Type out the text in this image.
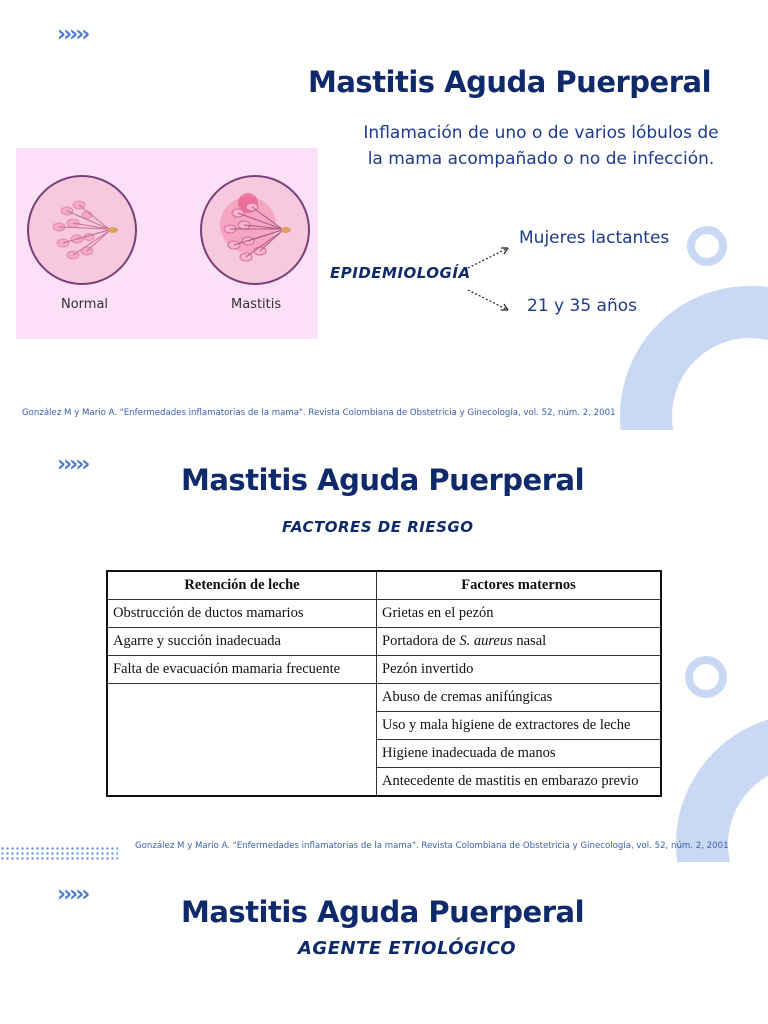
›››››
Mastitis Aguda Puerperal
Inflamación de uno o de varios lóbulos de la mama acompañado o no de infección.
Normal	Mastitis
EPIDEMIOLOGÍA
Mujeres lactantes
21 y 35 años
González M y Mario A. "Enfermedades inflamatorias de la mama". Revista Colombiana de Obstetricia y Ginecología, vol. 52, núm. 2, 2001
›››››	Mastitis Aguda Puerperal
FACTORES DE RIESGO
Retención de leche	Factores maternos
Obstrucción de ductos mamarios	Grietas en el pezón
Agarre y succión inadecuada	Portadora de S. aureus nasal
Falta de evacuación mamaria frecuente	Pezón invertido
	Abuso de cremas anifúngicas
	Uso y mala higiene de extractores de leche
	Higiene inadecuada de manos
	Antecedente de mastitis en embarazo previo
González M y Mario A. "Enfermedades inflamatorias de la mama". Revista Colombiana de Obstetricia y Ginecología, vol. 52, núm. 2, 2001
›››››
Mastitis Aguda Puerperal
AGENTE ETIOLÓGICO
